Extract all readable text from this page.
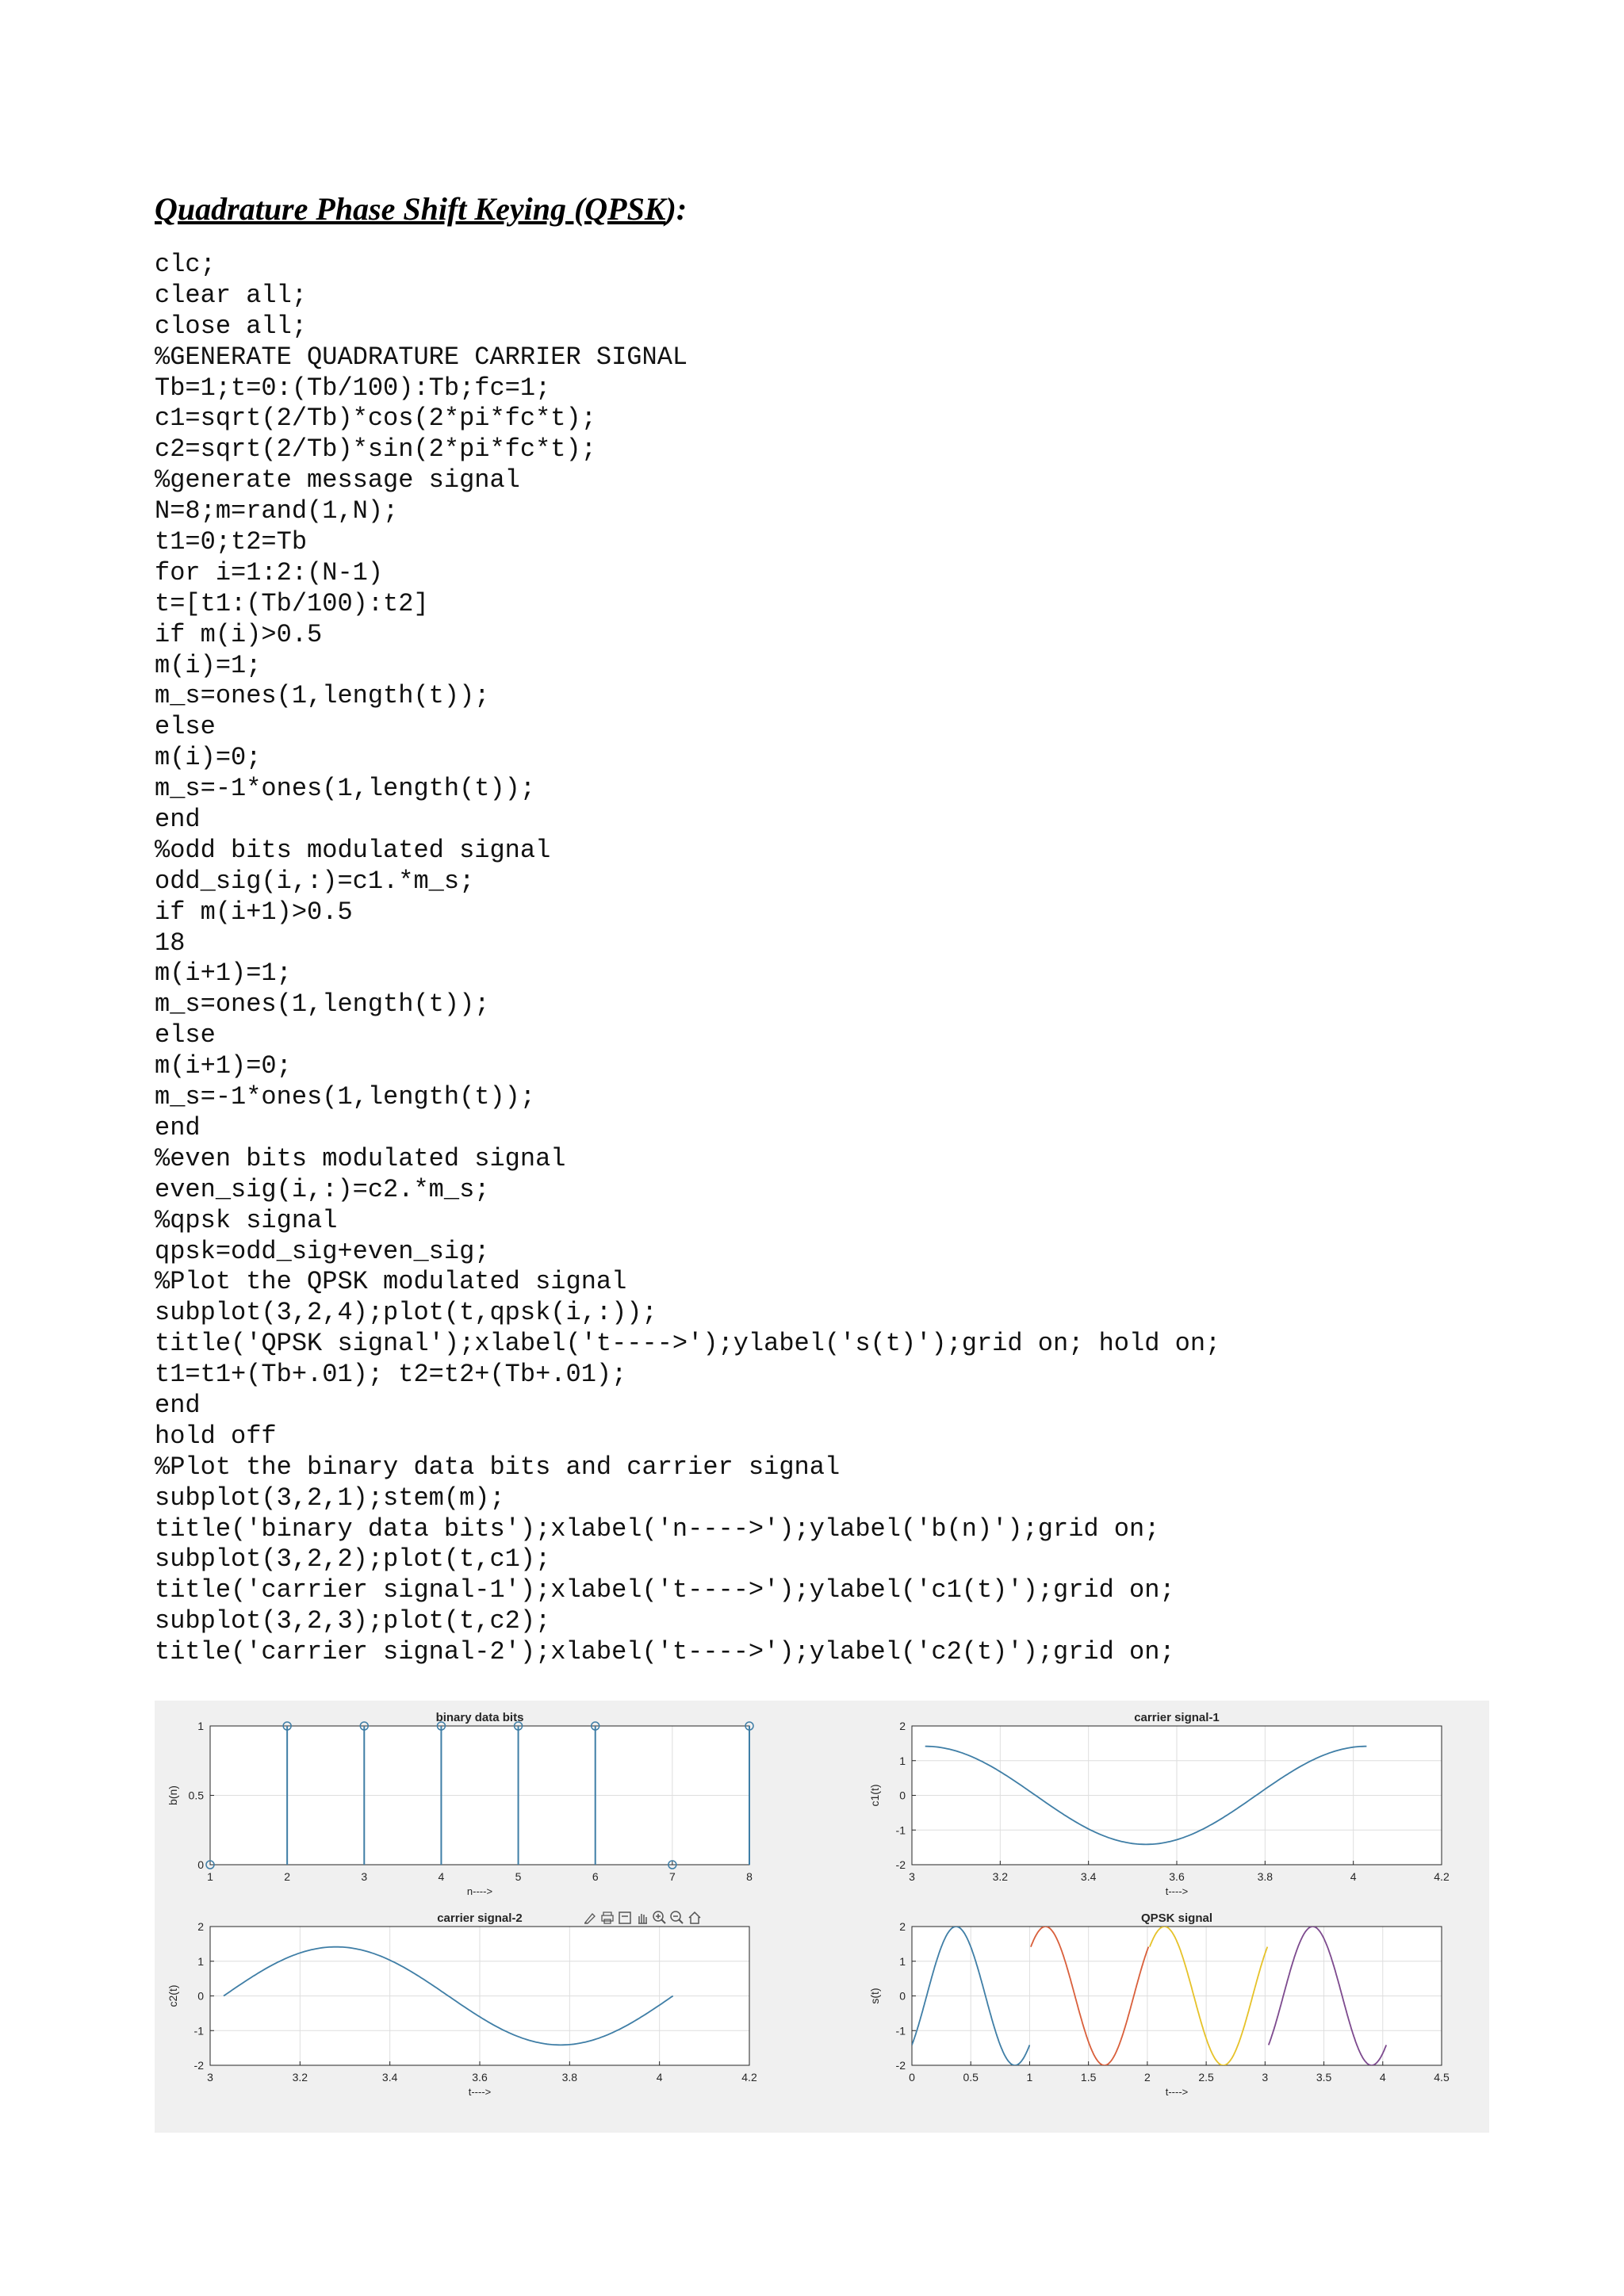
Quadrature Phase Shift Keying (QPSK):
clc;
clear all;
close all;
%GENERATE QUADRATURE CARRIER SIGNAL
Tb=1;t=0:(Tb/100):Tb;fc=1;
c1=sqrt(2/Tb)*cos(2*pi*fc*t);
c2=sqrt(2/Tb)*sin(2*pi*fc*t);
%generate message signal
N=8;m=rand(1,N);
t1=0;t2=Tb
for i=1:2:(N-1)
t=[t1:(Tb/100):t2]
if m(i)>0.5
m(i)=1;
m_s=ones(1,length(t));
else
m(i)=0;
m_s=-1*ones(1,length(t));
end
%odd bits modulated signal
odd_sig(i,:)=c1.*m_s;
if m(i+1)>0.5
18
m(i+1)=1;
m_s=ones(1,length(t));
else
m(i+1)=0;
m_s=-1*ones(1,length(t));
end
%even bits modulated signal
even_sig(i,:)=c2.*m_s;
%qpsk signal
qpsk=odd_sig+even_sig;
%Plot the QPSK modulated signal
subplot(3,2,4);plot(t,qpsk(i,:));
title('QPSK signal');xlabel('t---->');ylabel('s(t)');grid on; hold on;
t1=t1+(Tb+.01); t2=t2+(Tb+.01);
end
hold off
%Plot the binary data bits and carrier signal
subplot(3,2,1);stem(m);
title('binary data bits');xlabel('n---->');ylabel('b(n)');grid on;
subplot(3,2,2);plot(t,c1);
title('carrier signal-1');xlabel('t---->');ylabel('c1(t)');grid on;
subplot(3,2,3);plot(t,c2);
title('carrier signal-2');xlabel('t---->');ylabel('c2(t)');grid on;
1	2	3	4	5	6	7	8
0
0.5
1
binary data bits
n---->
b(n)
3	3.2	3.4	3.6	3.8	4	4.2
-2
-1
0
1
2
carrier signal-1
t---->
c1(t)
3	3.2	3.4	3.6	3.8	4	4.2
-2
-1
0
1
2
carrier signal-2
t---->
c2(t)
0	0.5	1	1.5	2	2.5	3	3.5	4	4.5
-2
-1
0
1
2
QPSK signal
t---->
s(t)
